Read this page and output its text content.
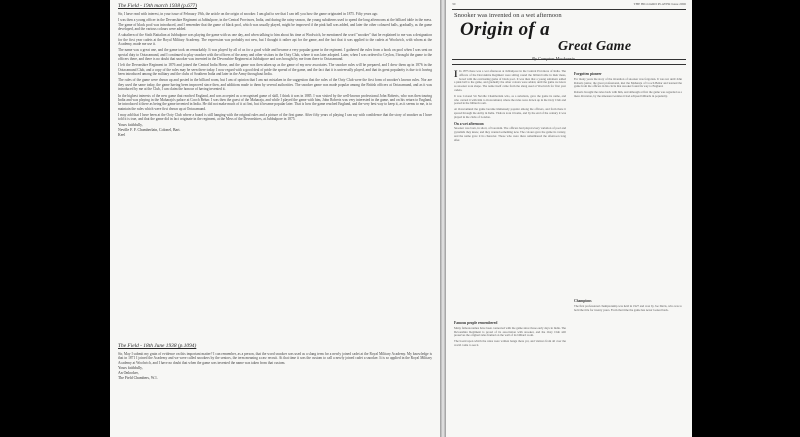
The Field - 19th march 1938 (p.677)
Sir, I have read with interest, in your issue of February 19th, the article on the origin of snooker. I am glad to see that I can tell you how the game originated in 1875. Fifty years ago.
I was then a young officer in the Devonshire Regiment at Jubbulpore, in the Central Provinces, India, and during the rainy season, the young subalterns used to spend the long afternoons at the billiard table in the mess. The game of black pool was introduced, and I remember that the game of black pool, which was usually played, might be improved if the pink ball was added, and later the other coloured balls, gradually, as the game developed, and the various colours were added.
A subaltern of the Sixth Battalion at Jubbulpore was playing the game with us one day, and when talking to him about his time at Woolwich, he mentioned the word "snooker" that he explained to me was a designation for the first year cadets at the Royal Military Academy. The expression was probably not new, but I thought it rather apt for the game, and the fact that it was applied to the cadets at Woolwich, with whom at the Academy, made me use it.
The name was a great one, and the game took on remarkably. It was played by all of us for a good while and became a very popular game in the regiment. I gathered the rules from a book on pool when I was sent on special duty to Ootacamund, and I continued to play snooker with the officers of the army and other visitors in the Ooty Club, where it was later adopted. Later, when I was ordered to Ceylon, I brought the game to the officers there, and there is no doubt that snooker was invented in the Devonshire Regiment at Jubbulpore and was brought by me from there to Ootacamund.
I left the Devonshire Regiment in 1876 and joined the Central India Horse, and the game was then taken up as the game of my new associates. The snooker rules will be prepared, and I drew them up in 1876 in the Ootacamund Club, and a copy of the rules may be seen there today. I now regard with a good deal of pride the spread of the game, and the fact that it is universally played, and that its great popularity is due to it having been introduced among the military and the clubs of Southern India and later in the Army throughout India.
The rules of the game were drawn up and posted in the billiard room, but I am of opinion that I am not mistaken in the suggestion that the rules of the Ooty Club were the first form of snooker's known rules. Nor are they used the same today, the game having been improved since then, and additions made to them by several authorities. The snooker game was made popular among the British officers at Ootacamund, and as it was introduced by me at the Club, I can claim the honour of having invented it.
In the highest interests of the new game that reached England, and was accepted as a recognised game of skill, I think it was in 1885. I was visited by the well-known professional John Roberts, who was then touring India and was playing in the Maharaja's palace at Cooch Behar. I was then the guest of the Maharaja, and while I played the game with him, John Roberts was very interested in the game, and on his return to England, he introduced it there as being the game invented in India. He did not make much of it at first, but it became popular later. That is how the game reached England, and the very best way to keep it, as it seems to me, is to maintain the rules which were first drawn up at Ootacamund.
I may add that I have been at the Ooty Club where a board is still hanging with the original rules and a picture of the first game. After fifty years of playing I can say with confidence that the story of snooker as I have told it is true, and that the game did in fact originate in the regiment, at the Mess of the Devonshires, at Jubbulpore in 1875.
Yours faithfully,
Neville F. F. Chamberlain, Colonel, Bart.
Keel
The Field - 18th June 1938 (p.1094)
Sir, May I submit my grain of evidence on this important matter? I can remember, as a person, that the word snooker was used as a slang term for a newly joined cadet at the Royal Military Academy. My knowledge is that in 1871 I joined the Academy and we were called snookers by the seniors, the term meaning a raw recruit. At that time it was the custom to call a newly joined cadet a snooker. It is so applied in the Royal Military Academy at Woolwich, and I have no doubt that when the game was invented the name was taken from that custom.
Yours faithfully,
An Onlooker,
The Field Chambers, W.1.
30	THE BILLIARD PLAYER Issue 2006
Snooker was invented on a wet afternoon
Origin of a
Great Game
By Compton Mackenzie

I In 1875 there was a wet afternoon at Jubbulpore in the Central Provinces of India. The officers of the Devonshire Regiment were sitting round the billiard table in their mess, bored with the everlasting game of black pool. It was then that a young subaltern added a pink ball to the game, and gradually the other colours were added, until the game we know as snooker took shape. The name itself came from the slang used at Woolwich for first year cadets.

It was Colonel Sir Neville Chamberlain who, as a subaltern, gave the game its name, and who carried it with him to Ootacamund, where the rules were drawn up in the Ooty Club and posted in the billiard room.

At Ootacamund the game became immensely popular among the officers, and from there it spread through the Army in India. Visitors took it home, and by the end of the century it was played in the clubs of London.

On a wet afternoon

Snooker was born, in short, of boredom. The officers had played every variation of pool and pyramids they knew, and they wanted something new. The colours gave the game its variety, and the name gave it its character. Those who were there remembered the afternoon long after.

Forgotten pioneer

For many years the story of the invention of snooker was forgotten. It was not until John Roberts junior, the great professional, met the Maharaja of Cooch Behar and learned the game from the officers in his circle that snooker found its way to England.

Roberts brought the rules back with him, and although at first the game was regarded as a mere diversion, by the nineteen twenties it had eclipsed billiards in popularity.

Champions

The first professional championship was held in 1927 and won by Joe Davis, who was to hold the title for twenty years. From that time the game has never looked back.

Famous people remembered

Many famous names have been connected with the game since those early days in India. The Devonshire Regiment is proud of its association with snooker, and the Ooty Club still preserves the original rules framed on the wall of its billiard room.

The board upon which the rules were written hangs there yet, and visitors from all over the world come to see it.
